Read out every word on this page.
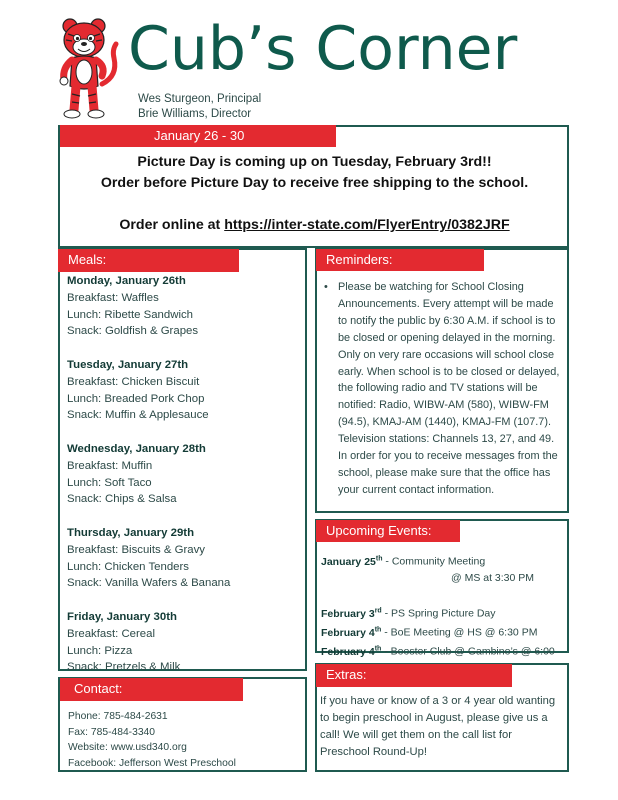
Cub’s Corner
Wes Sturgeon, Principal
Brie Williams, Director
January 26 - 30
Picture Day is coming up on Tuesday, February 3rd!!
Order before Picture Day to receive free shipping to the school.
Order online at https://inter-state.com/FlyerEntry/0382JRF
Meals:
Monday, January 26th
Breakfast: Waffles
Lunch: Ribette Sandwich
Snack: Goldfish & Grapes
Tuesday, January 27th
Breakfast: Chicken Biscuit
Lunch: Breaded Pork Chop
Snack: Muffin & Applesauce
Wednesday, January 28th
Breakfast: Muffin
Lunch: Soft Taco
Snack: Chips & Salsa
Thursday, January 29th
Breakfast: Biscuits & Gravy
Lunch: Chicken Tenders
Snack: Vanilla Wafers & Banana
Friday, January 30th
Breakfast: Cereal
Lunch: Pizza
Snack: Pretzels & Milk
Reminders:
• Please be watching for School Closing Announcements. Every attempt will be made to notify the public by 6:30 A.M. if school is to be closed or opening delayed in the morning. Only on very rare occasions will school close early. When school is to be closed or delayed, the following radio and TV stations will be notified: Radio, WIBW-AM (580), WIBW-FM (94.5), KMAJ-AM (1440), KMAJ-FM (107.7). Television stations: Channels 13, 27, and 49. In order for you to receive messages from the school, please make sure that the office has your current contact information.
Upcoming Events:
January 25th - Community Meeting
@ MS at 3:30 PM
February 3rd - PS Spring Picture Day
February 4th - BoE Meeting @ HS @ 6:30 PM
February 4th - Booster Club @ Gambino’s @ 6:00
Contact:
Phone: 785-484-2631
Fax: 785-484-3340
Website: www.usd340.org
Facebook: Jefferson West Preschool
Extras:
If you have or know of a 3 or 4 year old wanting to begin preschool in August, please give us a call! We will get them on the call list for Preschool Round-Up!
